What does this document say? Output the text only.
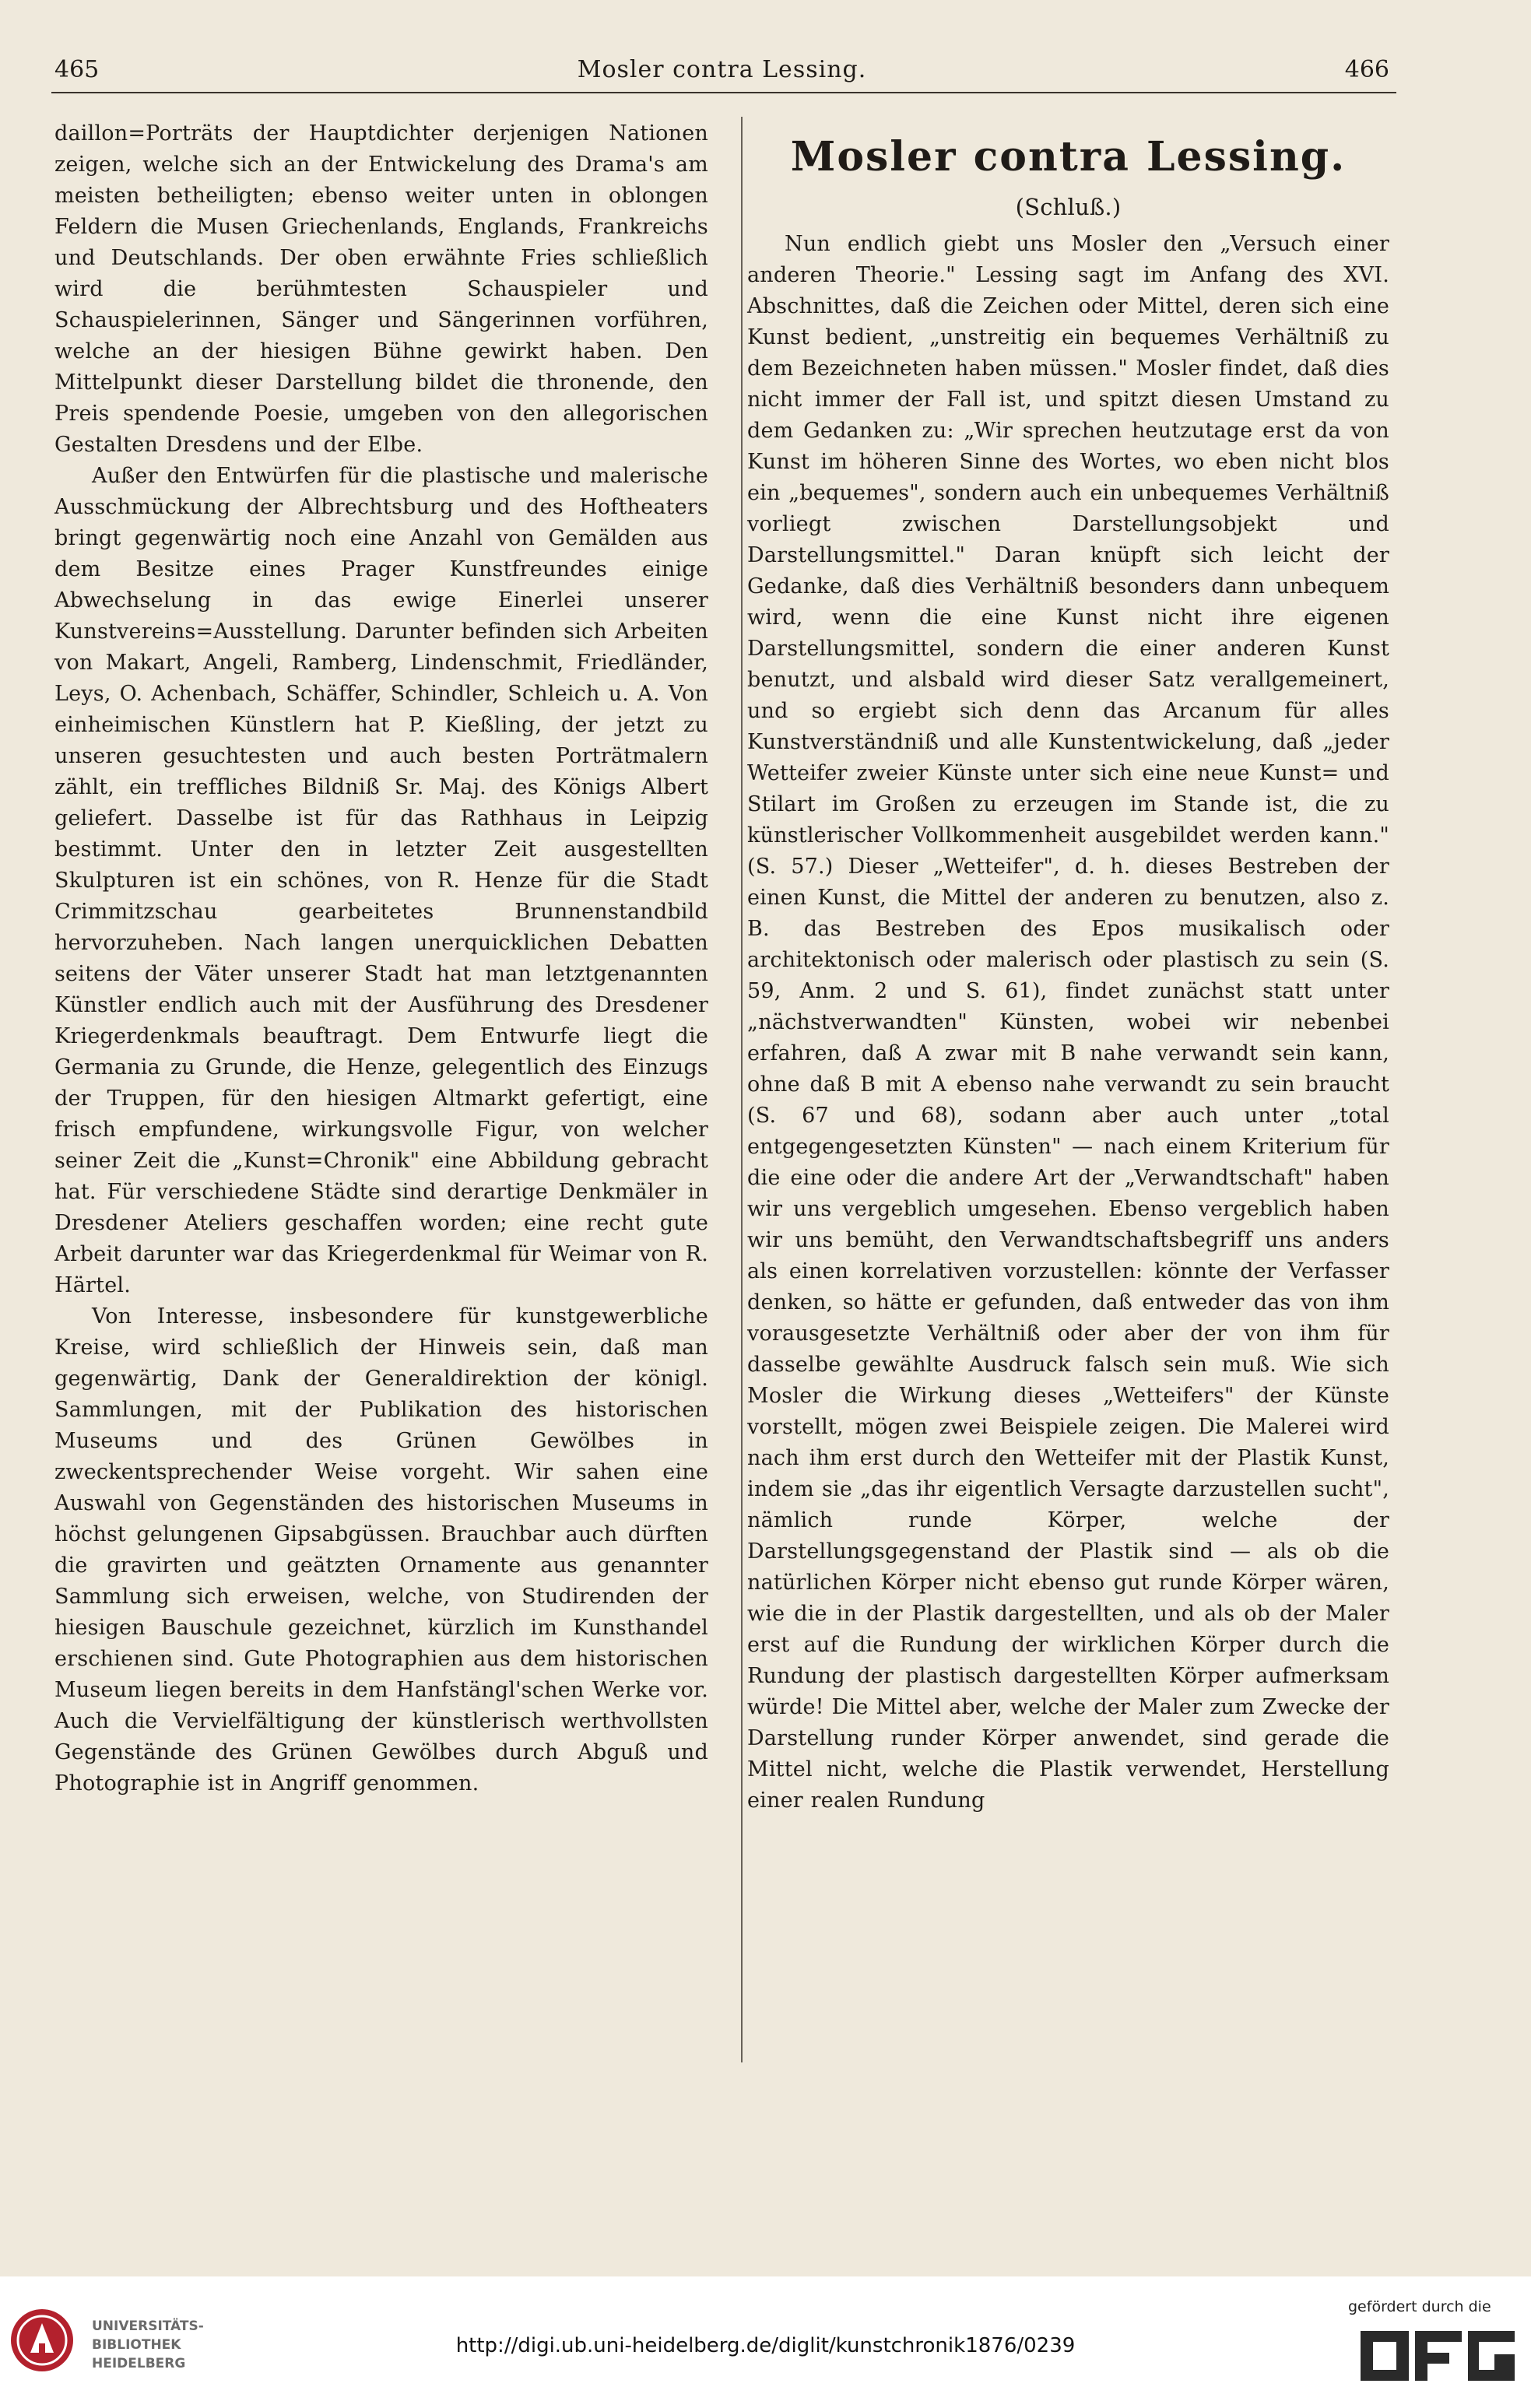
465	Mosler contra Lessing.	466

daillon=Porträts der Hauptdichter derjenigen Nationen zeigen, welche sich an der Entwickelung des Drama's am meisten betheiligten; ebenso weiter unten in oblongen Feldern die Musen Griechenlands, Englands, Frankreichs und Deutschlands. Der oben erwähnte Fries schließlich wird die berühmtesten Schauspieler und Schauspielerinnen, Sänger und Sängerinnen vorführen, welche an der hiesigen Bühne gewirkt haben. Den Mittelpunkt dieser Darstellung bildet die thronende, den Preis spendende Poesie, umgeben von den allegorischen Gestalten Dresdens und der Elbe.

Außer den Entwürfen für die plastische und malerische Ausschmückung der Albrechtsburg und des Hoftheaters bringt gegenwärtig noch eine Anzahl von Gemälden aus dem Besitze eines Prager Kunstfreundes einige Abwechselung in das ewige Einerlei unserer Kunstvereins=Ausstellung. Darunter befinden sich Arbeiten von Makart, Angeli, Ramberg, Lindenschmit, Friedländer, Leys, O. Achenbach, Schäffer, Schindler, Schleich u. A. Von einheimischen Künstlern hat P. Kießling, der jetzt zu unseren gesuchtesten und auch besten Porträtmalern zählt, ein treffliches Bildniß Sr. Maj. des Königs Albert geliefert. Dasselbe ist für das Rathhaus in Leipzig bestimmt. Unter den in letzter Zeit ausgestellten Skulpturen ist ein schönes, von R. Henze für die Stadt Crimmitzschau gearbeitetes Brunnenstandbild hervorzuheben. Nach langen unerquicklichen Debatten seitens der Väter unserer Stadt hat man letztgenannten Künstler endlich auch mit der Ausführung des Dresdener Kriegerdenkmals beauftragt. Dem Entwurfe liegt die Germania zu Grunde, die Henze, gelegentlich des Einzugs der Truppen, für den hiesigen Altmarkt gefertigt, eine frisch empfundene, wirkungsvolle Figur, von welcher seiner Zeit die „Kunst=Chronik" eine Abbildung gebracht hat. Für verschiedene Städte sind derartige Denkmäler in Dresdener Ateliers geschaffen worden; eine recht gute Arbeit darunter war das Kriegerdenkmal für Weimar von R. Härtel.

Von Interesse, insbesondere für kunstgewerbliche Kreise, wird schließlich der Hinweis sein, daß man gegenwärtig, Dank der Generaldirektion der königl. Sammlungen, mit der Publikation des historischen Museums und des Grünen Gewölbes in zweckentsprechender Weise vorgeht. Wir sahen eine Auswahl von Gegenständen des historischen Museums in höchst gelungenen Gipsabgüssen. Brauchbar auch dürften die gravirten und geätzten Ornamente aus genannter Sammlung sich erweisen, welche, von Studirenden der hiesigen Bauschule gezeichnet, kürzlich im Kunsthandel erschienen sind. Gute Photographien aus dem historischen Museum liegen bereits in dem Hanfstängl'schen Werke vor. Auch die Vervielfältigung der künstlerisch werthvollsten Gegenstände des Grünen Gewölbes durch Abguß und Photographie ist in Angriff genommen.

Mosler contra Lessing.
(Schluß.)

Nun endlich giebt uns Mosler den „Versuch einer anderen Theorie." Lessing sagt im Anfang des XVI. Abschnittes, daß die Zeichen oder Mittel, deren sich eine Kunst bedient, „unstreitig ein bequemes Verhältniß zu dem Bezeichneten haben müssen." Mosler findet, daß dies nicht immer der Fall ist, und spitzt diesen Umstand zu dem Gedanken zu: „Wir sprechen heutzutage erst da von Kunst im höheren Sinne des Wortes, wo eben nicht blos ein „bequemes", sondern auch ein unbequemes Verhältniß vorliegt zwischen Darstellungsobjekt und Darstellungsmittel." Daran knüpft sich leicht der Gedanke, daß dies Verhältniß besonders dann unbequem wird, wenn die eine Kunst nicht ihre eigenen Darstellungsmittel, sondern die einer anderen Kunst benutzt, und alsbald wird dieser Satz verallgemeinert, und so ergiebt sich denn das Arcanum für alles Kunstverständniß und alle Kunstentwickelung, daß „jeder Wetteifer zweier Künste unter sich eine neue Kunst= und Stilart im Großen zu erzeugen im Stande ist, die zu künstlerischer Vollkommenheit ausgebildet werden kann." (S. 57.) Dieser „Wetteifer", d. h. dieses Bestreben der einen Kunst, die Mittel der anderen zu benutzen, also z. B. das Bestreben des Epos musikalisch oder architektonisch oder malerisch oder plastisch zu sein (S. 59, Anm. 2 und S. 61), findet zunächst statt unter „nächstverwandten" Künsten, wobei wir nebenbei erfahren, daß A zwar mit B nahe verwandt sein kann, ohne daß B mit A ebenso nahe verwandt zu sein braucht (S. 67 und 68), sodann aber auch unter „total entgegengesetzten Künsten" — nach einem Kriterium für die eine oder die andere Art der „Verwandtschaft" haben wir uns vergeblich umgesehen. Ebenso vergeblich haben wir uns bemüht, den Verwandtschaftsbegriff uns anders als einen korrelativen vorzustellen: könnte der Verfasser denken, so hätte er gefunden, daß entweder das von ihm vorausgesetzte Verhältniß oder aber der von ihm für dasselbe gewählte Ausdruck falsch sein muß. Wie sich Mosler die Wirkung dieses „Wetteifers" der Künste vorstellt, mögen zwei Beispiele zeigen. Die Malerei wird nach ihm erst durch den Wetteifer mit der Plastik Kunst, indem sie „das ihr eigentlich Versagte darzustellen sucht", nämlich runde Körper, welche der Darstellungsgegenstand der Plastik sind — als ob die natürlichen Körper nicht ebenso gut runde Körper wären, wie die in der Plastik dargestellten, und als ob der Maler erst auf die Rundung der wirklichen Körper durch die Rundung der plastisch dargestellten Körper aufmerksam würde! Die Mittel aber, welche der Maler zum Zwecke der Darstellung runder Körper anwendet, sind gerade die Mittel nicht, welche die Plastik verwendet, Herstellung einer realen Rundung

UNIVERSITÄTS-
BIBLIOTHEK
HEIDELBERG
http://digi.ub.uni-heidelberg.de/diglit/kunstchronik1876/0239
gefördert durch die
